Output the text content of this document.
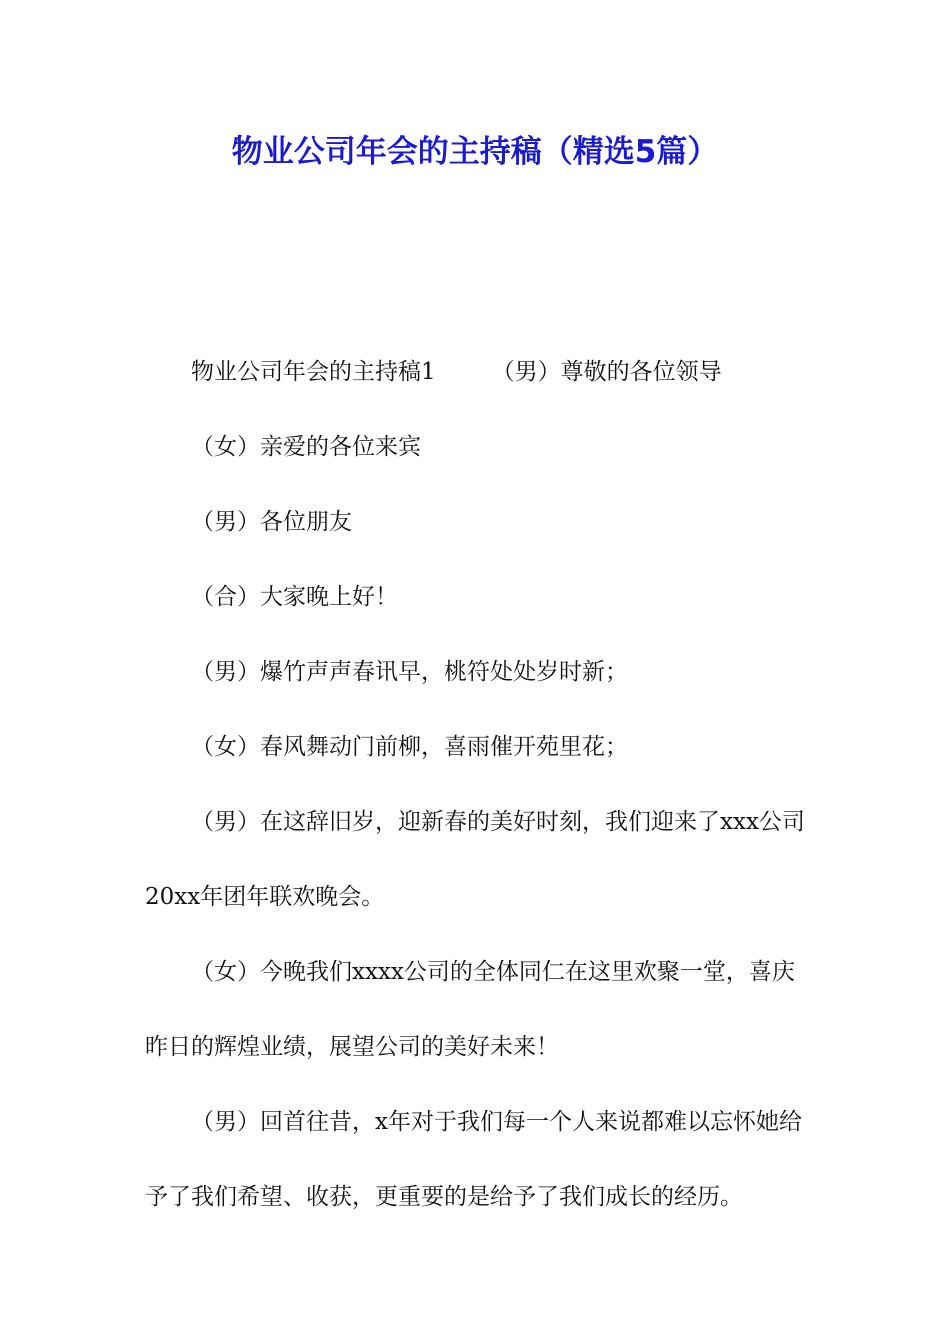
物业公司年会的主持稿（精选5篇）

物业公司年会的主持稿1 （男）尊敬的各位领导

（女）亲爱的各位来宾

（男）各位朋友

（合）大家晚上好！

（男）爆竹声声春讯早，桃符处处岁时新；

（女）春风舞动门前柳，喜雨催开苑里花；

（男）在这辞旧岁，迎新春的美好时刻，我们迎来了xxx公司20xx年团年联欢晚会。

（女）今晚我们xxxx公司的全体同仁在这里欢聚一堂，喜庆昨日的辉煌业绩，展望公司的美好未来！

（男）回首往昔，x年对于我们每一个人来说都难以忘怀她给予了我们希望、收获，更重要的是给予了我们成长的经历。
